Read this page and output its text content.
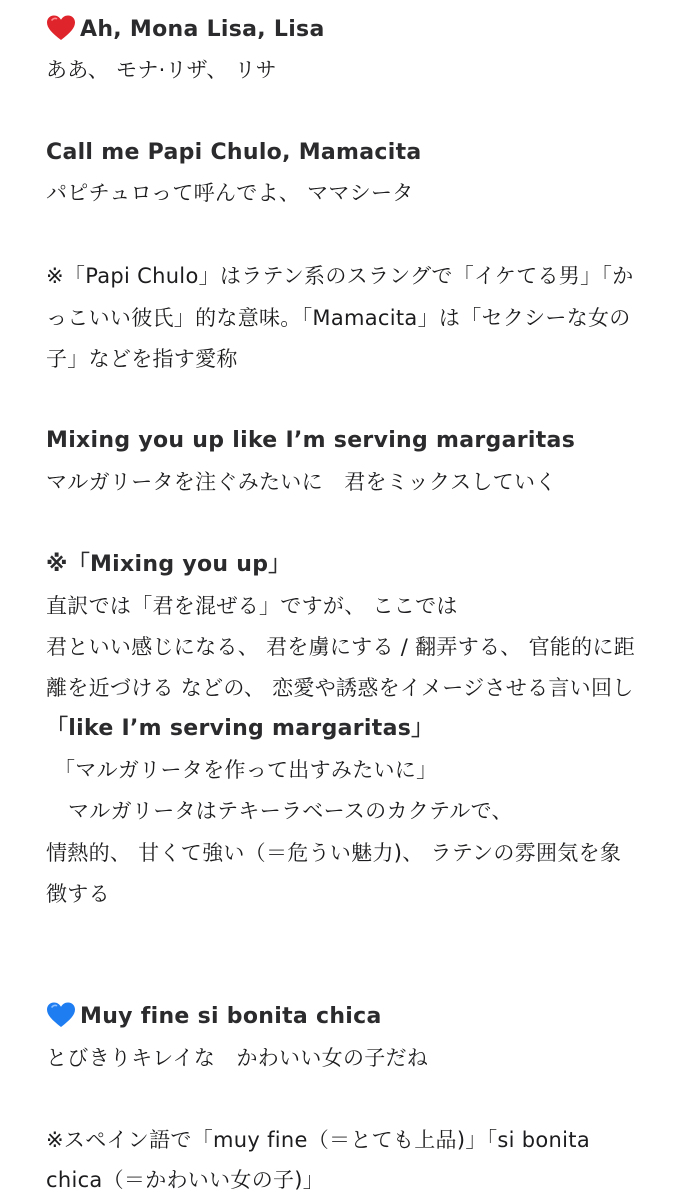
Ah, Mona Lisa, Lisa
ああ、 モナ·リザ、 リサ
Call me Papi Chulo, Mamacita
パピチュロって呼んでよ、 ママシータ
※「Papi Chulo」はラテン系のスラングで「イケてる男」「か
っこいい彼氏」的な意味。「Mamacita」は「セクシーな女の
子」などを指す愛称
Mixing you up like I’m serving margaritas
マルガリータを注ぐみたいに　君をミックスしていく
※「Mixing you up」
直訳では「君を混ぜる」ですが、 ここでは
君といい感じになる、 君を虜にする / 翻弄する、 官能的に距
離を近づける などの、 恋愛や誘惑をイメージさせる言い回し
「like I’m serving margaritas」
「マルガリータを作って出すみたいに」
マルガリータはテキーラベースのカクテルで、
情熱的、 甘くて強い（＝危うい魅力)、 ラテンの雰囲気を象
徴する
Muy fine si bonita chica
とびきりキレイな　かわいい女の子だね
※スペイン語で「muy fine（＝とても上品)」「si bonita
chica（＝かわいい女の子)」
